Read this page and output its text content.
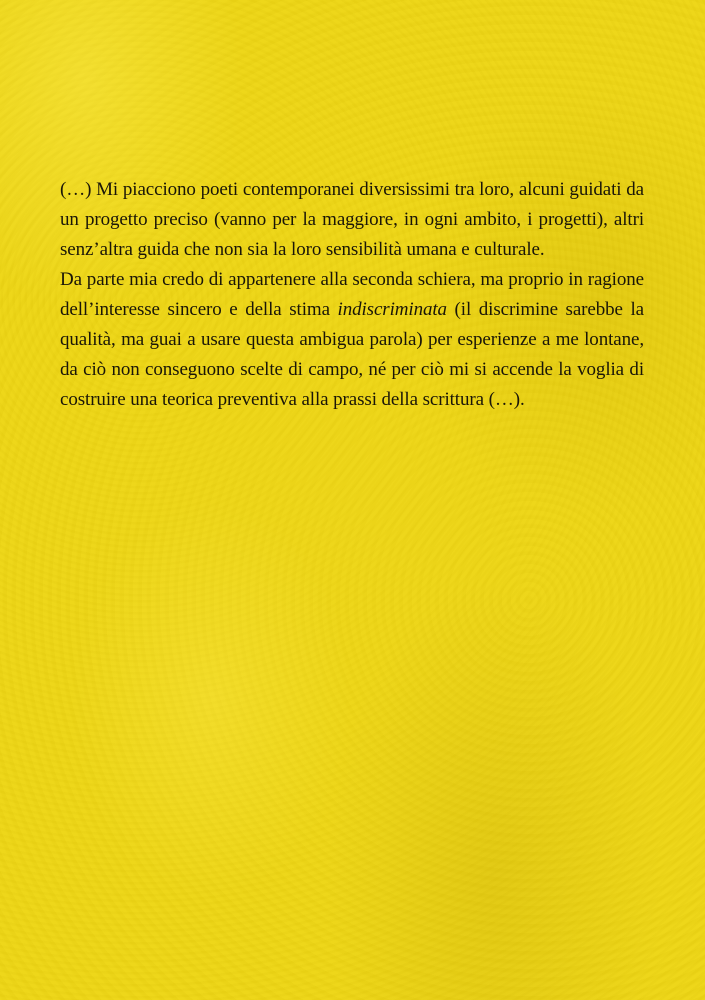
(…) Mi piacciono poeti contemporanei diversissimi tra loro, alcuni guidati da un progetto preciso (vanno per la maggiore, in ogni ambito, i progetti), altri senz’altra guida che non sia la loro sensibilità umana e culturale.

Da parte mia credo di appartenere alla seconda schiera, ma proprio in ragione dell’interesse sincero e della stima indiscriminata (il discrimine sarebbe la qualità, ma guai a usare questa ambigua parola) per esperienze a me lontane, da ciò non conseguono scelte di campo, né per ciò mi si accende la voglia di costruire una teorica preventiva alla prassi della scrittura (…).
